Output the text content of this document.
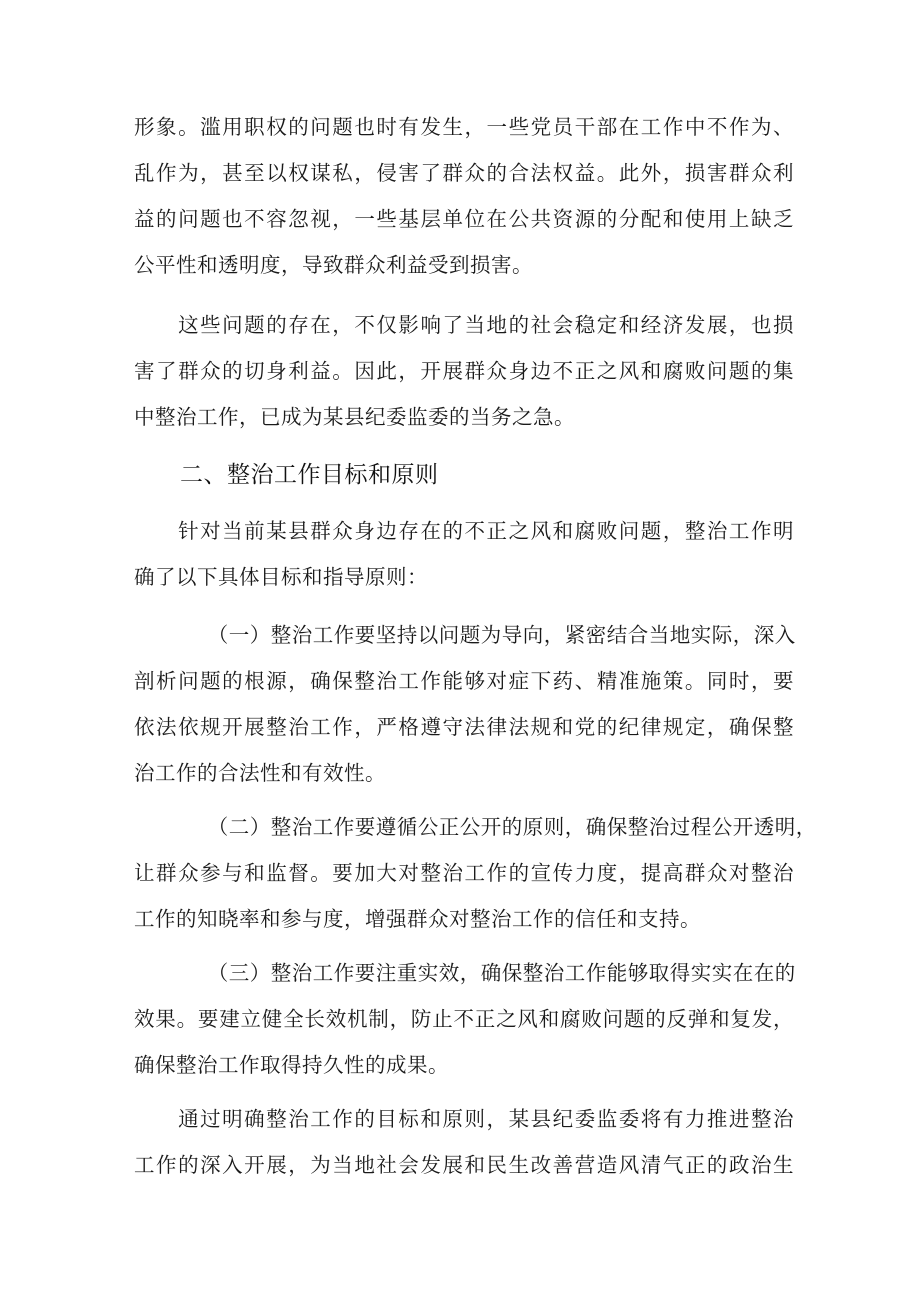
形象。滥用职权的问题也时有发生，一些党员干部在工作中不作为、
乱作为，甚至以权谋私，侵害了群众的合法权益。此外，损害群众利
益的问题也不容忽视，一些基层单位在公共资源的分配和使用上缺乏
公平性和透明度，导致群众利益受到损害。
　　这些问题的存在，不仅影响了当地的社会稳定和经济发展，也损
害了群众的切身利益。因此，开展群众身边不正之风和腐败问题的集
中整治工作，已成为某县纪委监委的当务之急。
二、整治工作目标和原则
　　针对当前某县群众身边存在的不正之风和腐败问题，整治工作明
确了以下具体目标和指导原则：
　　　　（一）整治工作要坚持以问题为导向，紧密结合当地实际，深入
剖析问题的根源，确保整治工作能够对症下药、精准施策。同时，要
依法依规开展整治工作，严格遵守法律法规和党的纪律规定，确保整
治工作的合法性和有效性。
　　　　（二）整治工作要遵循公正公开的原则，确保整治过程公开透明，
让群众参与和监督。要加大对整治工作的宣传力度，提高群众对整治
工作的知晓率和参与度，增强群众对整治工作的信任和支持。
　　　　（三）整治工作要注重实效，确保整治工作能够取得实实在在的
效果。要建立健全长效机制，防止不正之风和腐败问题的反弹和复发，
确保整治工作取得持久性的成果。
　　通过明确整治工作的目标和原则，某县纪委监委将有力推进整治
工作的深入开展，为当地社会发展和民生改善营造风清气正的政治生
